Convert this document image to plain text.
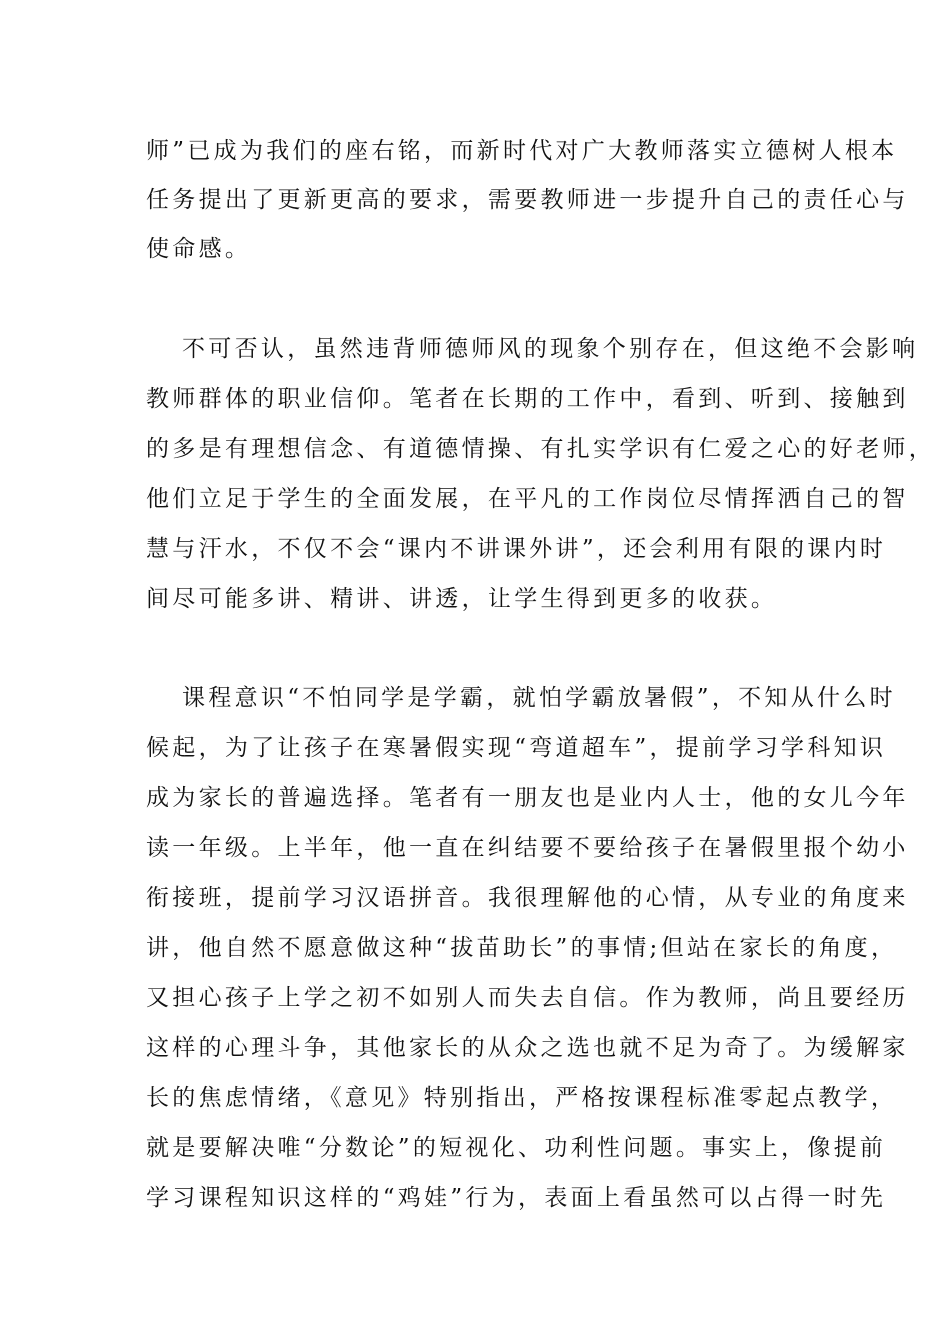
师”已成为我们的座右铭，而新时代对广大教师落实立德树人根本
任务提出了更新更高的要求，需要教师进一步提升自己的责任心与
使命感。
不可否认，虽然违背师德师风的现象个别存在，但这绝不会影响
教师群体的职业信仰。笔者在长期的工作中，看到、听到、接触到
的多是有理想信念、有道德情操、有扎实学识有仁爱之心的好老师，
他们立足于学生的全面发展，在平凡的工作岗位尽情挥洒自己的智
慧与汗水，不仅不会“课内不讲课外讲”，还会利用有限的课内时
间尽可能多讲、精讲、讲透，让学生得到更多的收获。
课程意识“不怕同学是学霸，就怕学霸放暑假”，不知从什么时
候起，为了让孩子在寒暑假实现“弯道超车”，提前学习学科知识
成为家长的普遍选择。笔者有一朋友也是业内人士，他的女儿今年
读一年级。上半年，他一直在纠结要不要给孩子在暑假里报个幼小
衔接班，提前学习汉语拼音。我很理解他的心情，从专业的角度来
讲，他自然不愿意做这种“拔苗助长”的事情;但站在家长的角度，
又担心孩子上学之初不如别人而失去自信。作为教师，尚且要经历
这样的心理斗争，其他家长的从众之选也就不足为奇了。为缓解家
长的焦虑情绪，《意见》特别指出，严格按课程标准零起点教学，
就是要解决唯“分数论”的短视化、功利性问题。事实上，像提前
学习课程知识这样的“鸡娃”行为，表面上看虽然可以占得一时先
